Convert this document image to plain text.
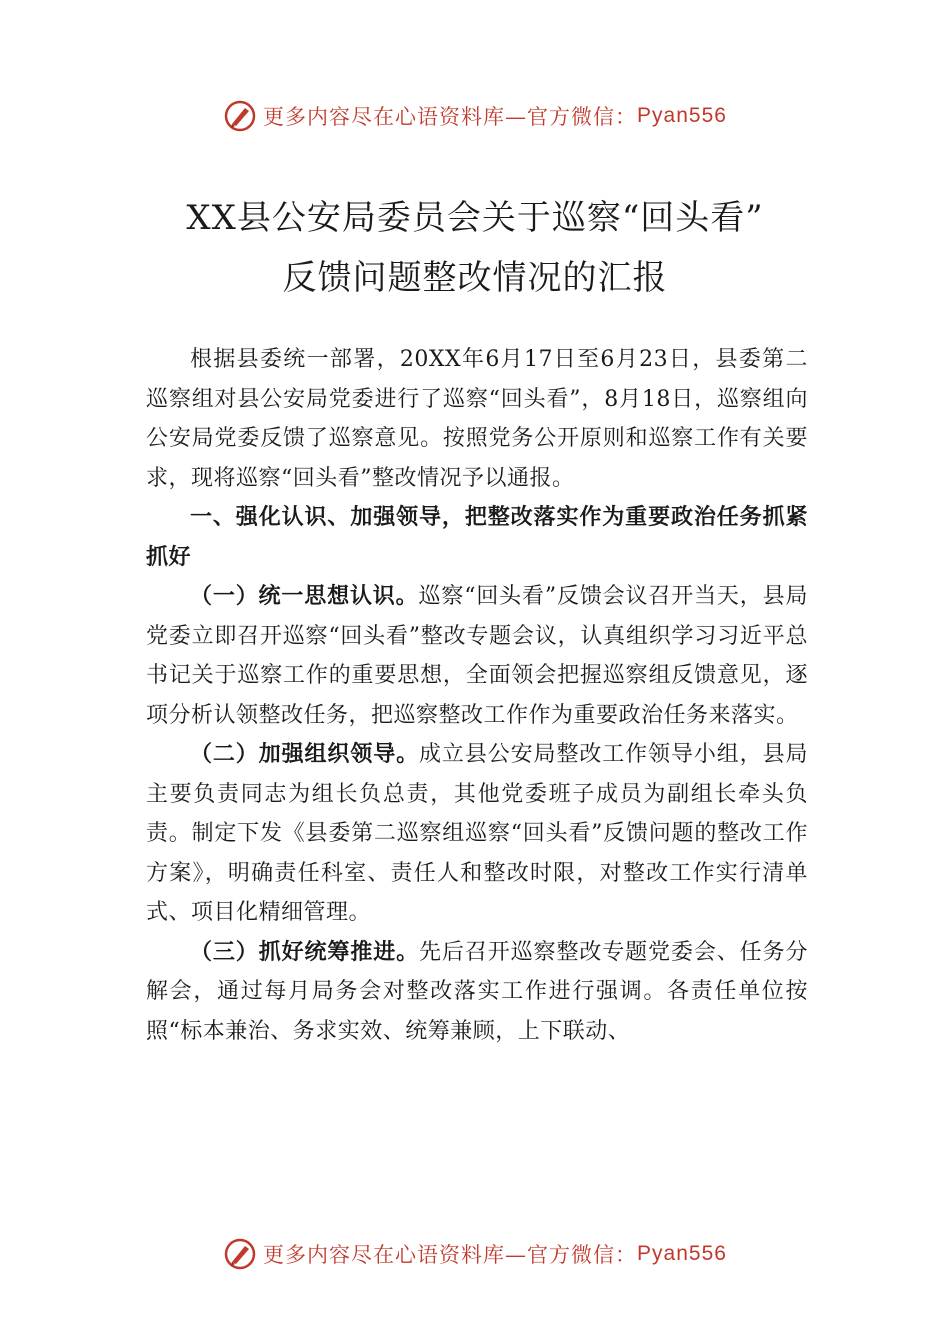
更多内容尽在心语资料库—官方微信： Pyan556
XX县公安局委员会关于巡察“回头看”
反馈问题整改情况的汇报

根据县委统一部署，20XX年6月17日至6月23日，县委第二巡察组对县公安局党委进行了巡察“回头看”，8月18日，巡察组向公安局党委反馈了巡察意见。按照党务公开原则和巡察工作有关要求，现将巡察“回头看”整改情况予以通报。

一、强化认识、加强领导，把整改落实作为重要政治任务抓紧抓好

（一）统一思想认识。巡察“回头看”反馈会议召开当天，县局党委立即召开巡察“回头看”整改专题会议，认真组织学习习近平总书记关于巡察工作的重要思想，全面领会把握巡察组反馈意见，逐项分析认领整改任务，把巡察整改工作作为重要政治任务来落实。

（二）加强组织领导。成立县公安局整改工作领导小组，县局主要负责同志为组长负总责，其他党委班子成员为副组长牵头负责。制定下发《县委第二巡察组巡察“回头看”反馈问题的整改工作方案》，明确责任科室、责任人和整改时限，对整改工作实行清单式、项目化精细管理。

（三）抓好统筹推进。先后召开巡察整改专题党委会、任务分解会，通过每月局务会对整改落实工作进行强调。各责任单位按照“标本兼治、务求实效、统筹兼顾，上下联动、

更多内容尽在心语资料库—官方微信： Pyan556
